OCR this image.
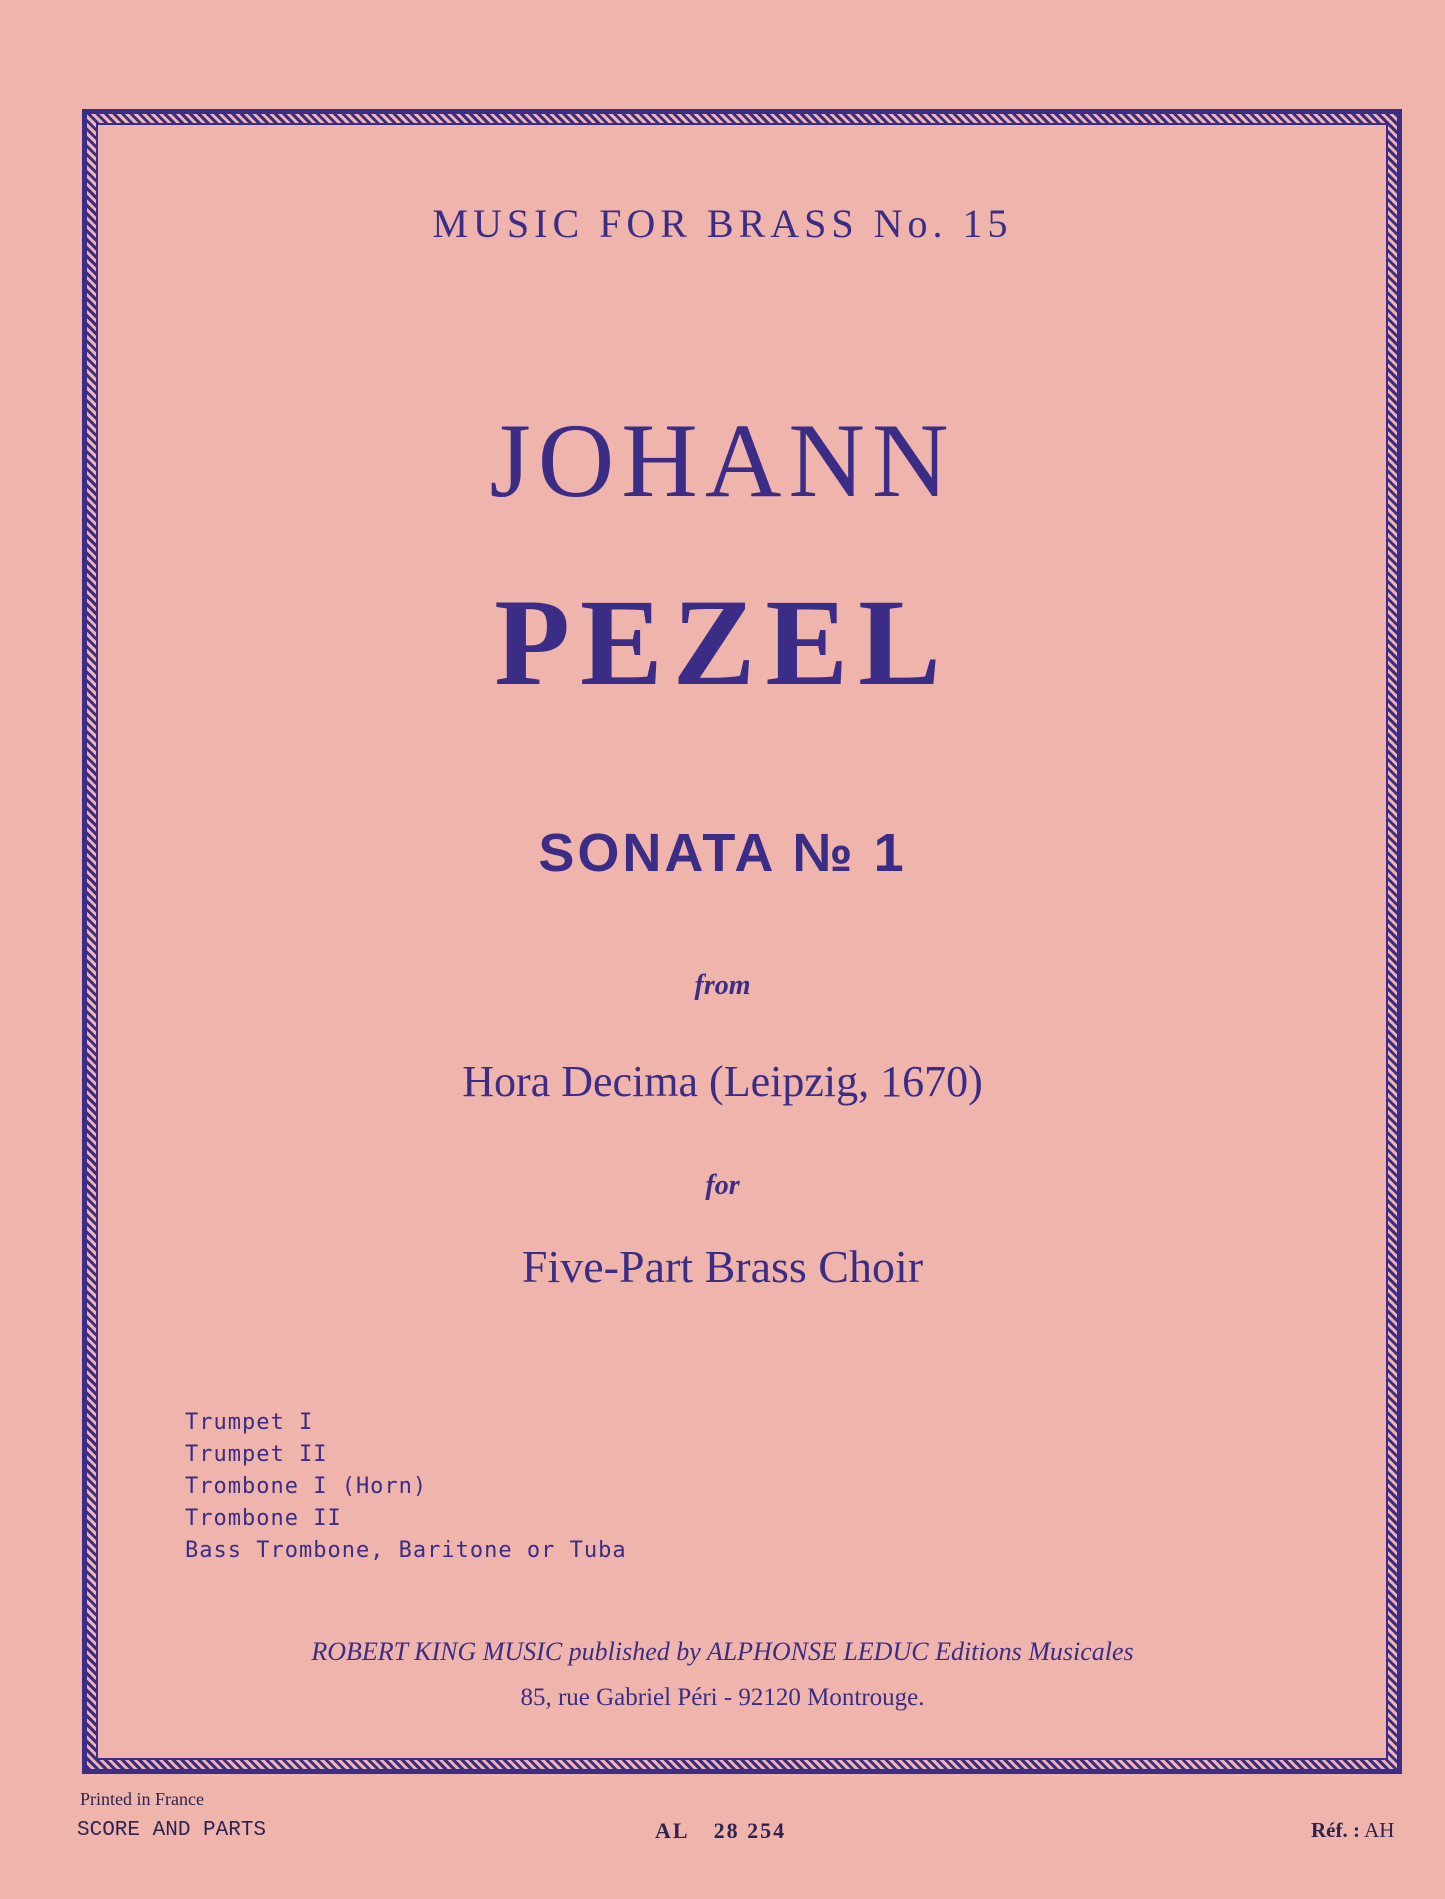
MUSIC FOR BRASS No. 15

JOHANN

PEZEL

SONATA № 1

from

Hora Decima (Leipzig, 1670)

for

Five-Part Brass Choir

Trumpet I
Trumpet II
Trombone I (Horn)
Trombone II
Bass Trombone, Baritone or Tuba

ROBERT KING MUSIC published by ALPHONSE LEDUC Editions Musicales

85, rue Gabriel Péri - 92120 Montrouge.

Printed in France

SCORE AND PARTS	AL 28 254	Réf. : AH
